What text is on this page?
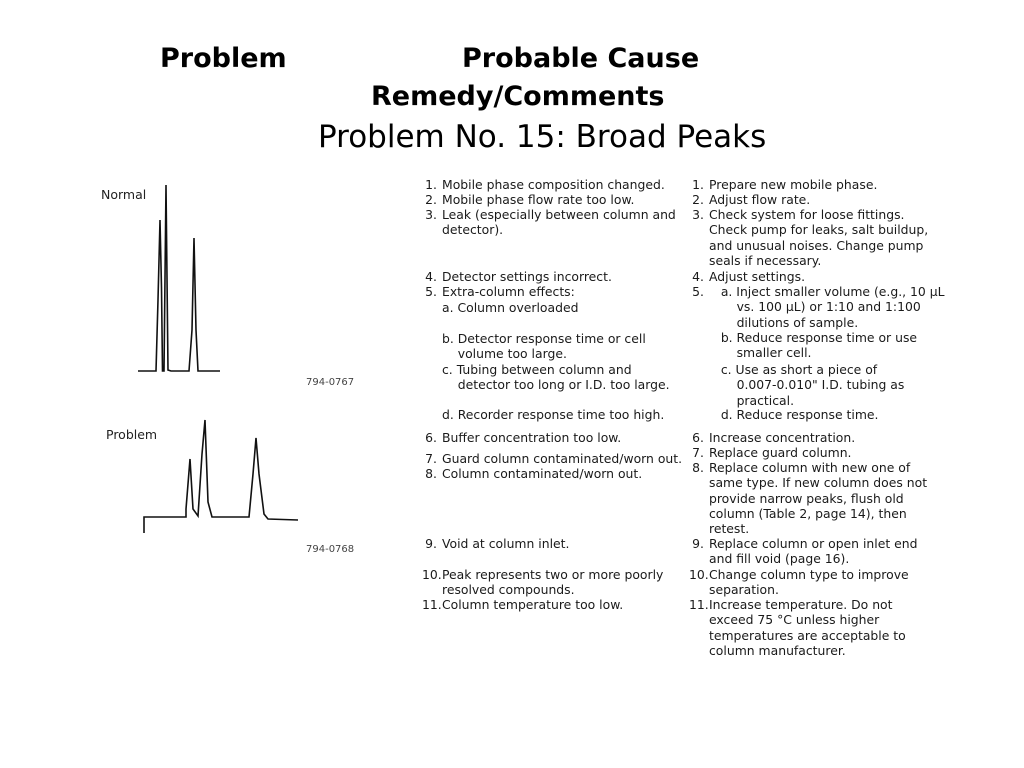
Problem	Probable Cause
Remedy/Comments
Problem No. 15: Broad Peaks
Normal
794-0767
Problem
794-0768
1. Mobile phase composition changed.
2. Mobile phase flow rate too low.
3. Leak (especially between column and
detector).
4. Detector settings incorrect.
5. Extra-column effects:
a. Column overloaded
b. Detector response time or cell
volume too large.
c. Tubing between column and
detector too long or I.D. too large.
d. Recorder response time too high.
6. Buffer concentration too low.
7. Guard column contaminated/worn out.
8. Column contaminated/worn out.
9. Void at column inlet.
10. Peak represents two or more poorly
resolved compounds.
11. Column temperature too low.
1. Prepare new mobile phase.
2. Adjust flow rate.
3. Check system for loose fittings.
Check pump for leaks, salt buildup,
and unusual noises. Change pump
seals if necessary.
4. Adjust settings.
5. a. Inject smaller volume (e.g., 10 µL
vs. 100 µL) or 1:10 and 1:100
dilutions of sample.
b. Reduce response time or use
smaller cell.
c. Use as short a piece of
0.007-0.010" I.D. tubing as
practical.
d. Reduce response time.
6. Increase concentration.
7. Replace guard column.
8. Replace column with new one of
same type. If new column does not
provide narrow peaks, flush old
column (Table 2, page 14), then
retest.
9. Replace column or open inlet end
and fill void (page 16).
10. Change column type to improve
separation.
11. Increase temperature. Do not
exceed 75 °C unless higher
temperatures are acceptable to
column manufacturer.
